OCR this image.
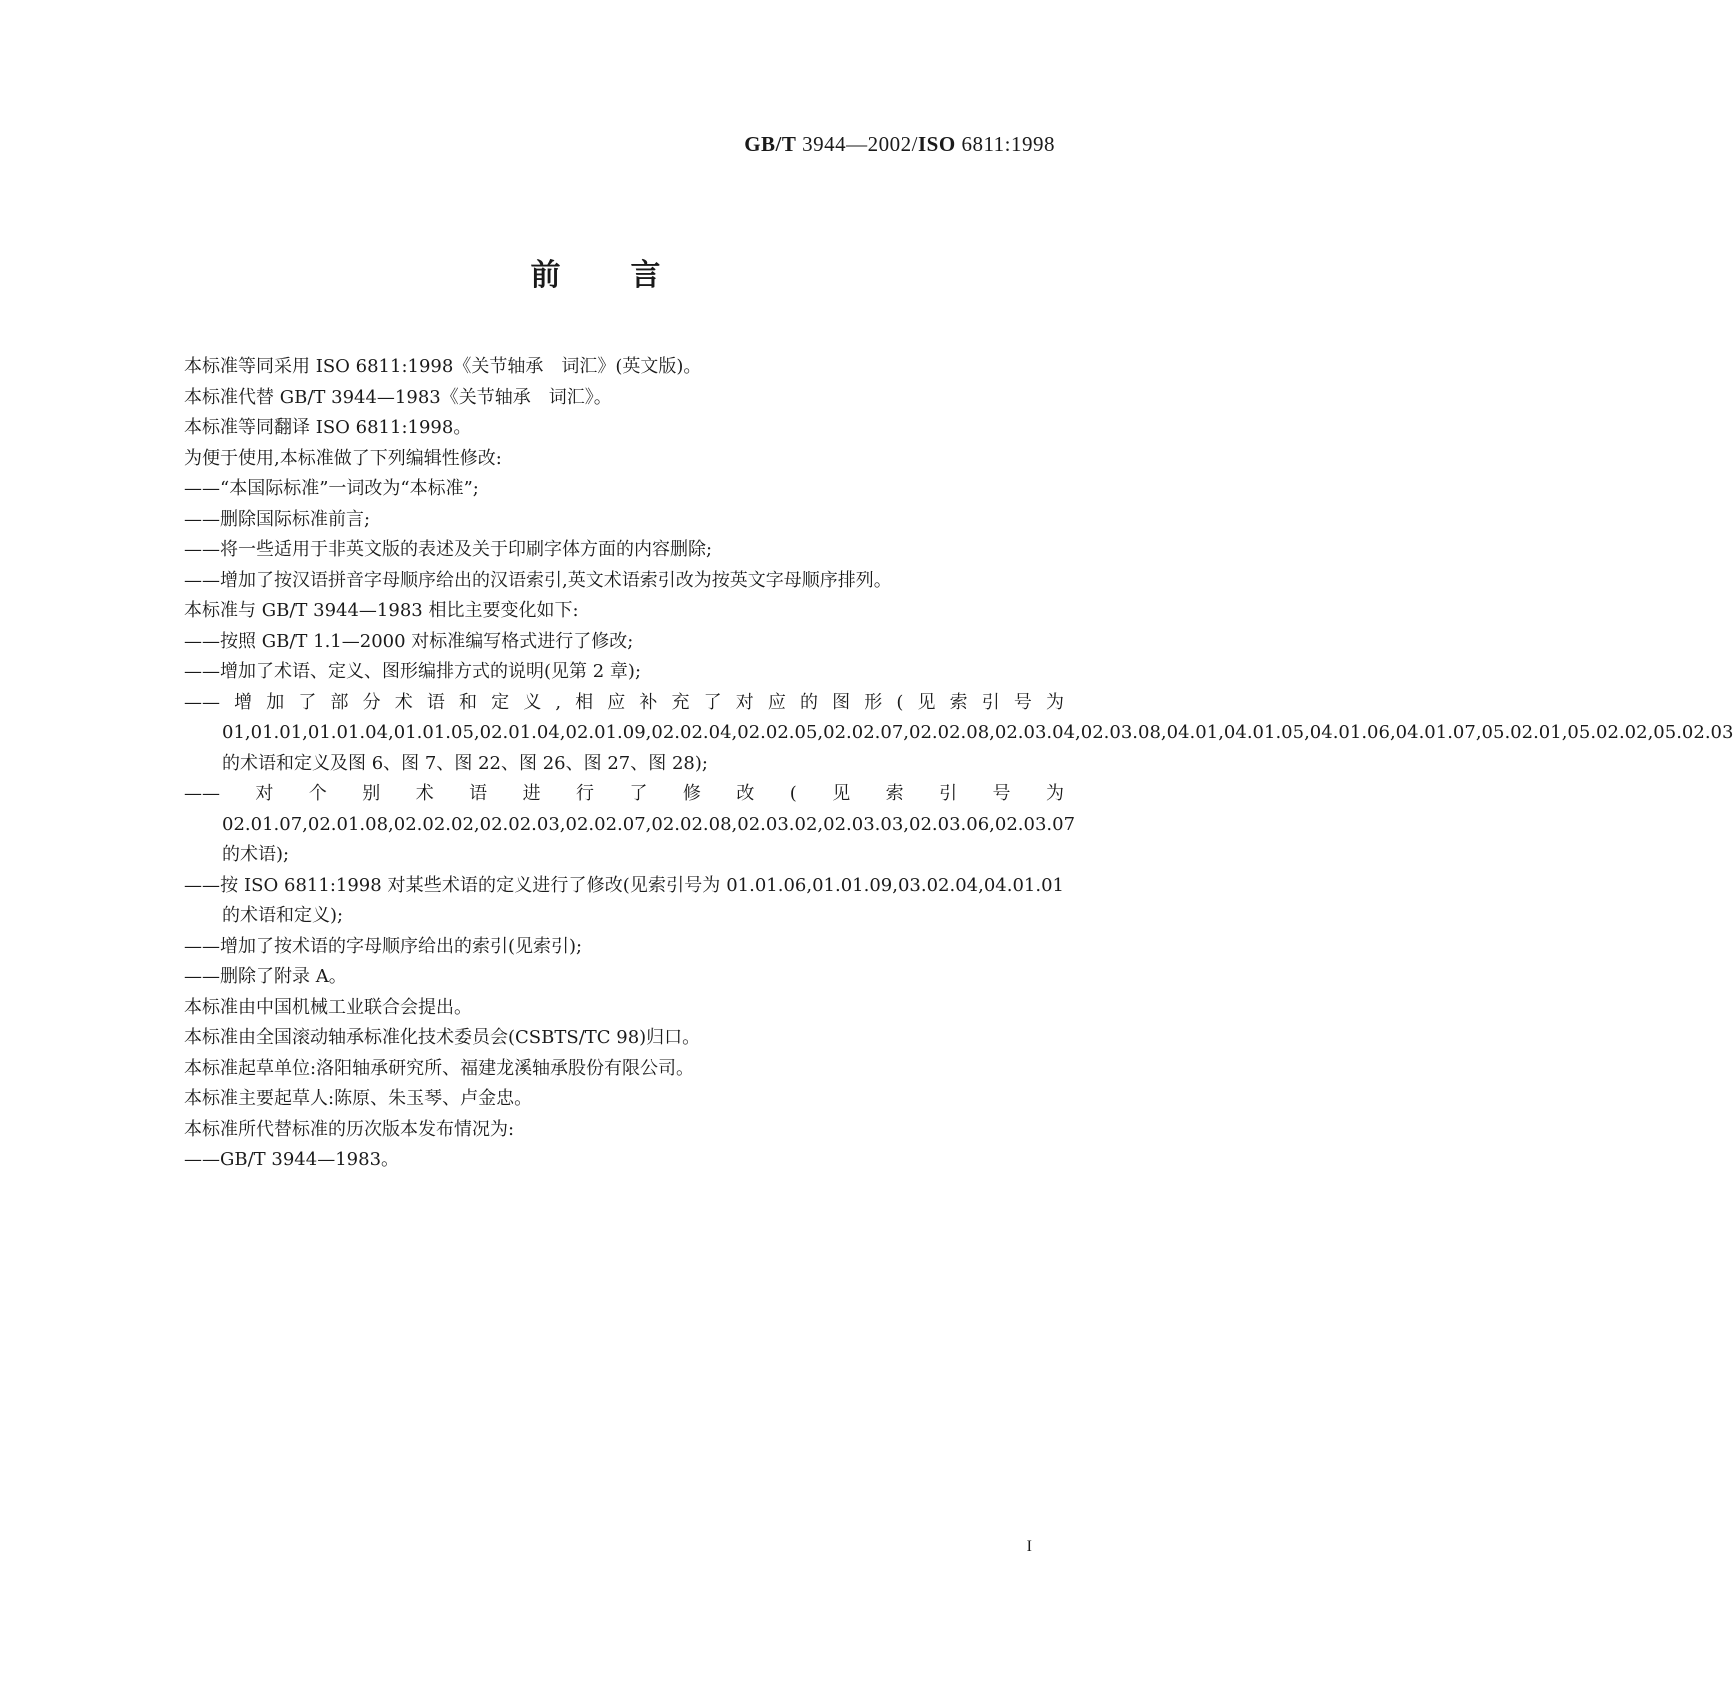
GB/T 3944—2002/ISO 6811:1998
前言

本标准等同采用 ISO 6811:1998《关节轴承　词汇》(英文版)。

本标准代替 GB/T 3944—1983《关节轴承　词汇》。

本标准等同翻译 ISO 6811:1998。

为便于使用,本标准做了下列编辑性修改:

——“本国际标准”一词改为“本标准”;

——删除国际标准前言;

——将一些适用于非英文版的表述及关于印刷字体方面的内容删除;

——增加了按汉语拼音字母顺序给出的汉语索引,英文术语索引改为按英文字母顺序排列。

本标准与 GB/T 3944—1983 相比主要变化如下:

——按照 GB/T 1.1—2000 对标准编写格式进行了修改;

——增加了术语、定义、图形编排方式的说明(见第 2 章);

——增加了部分术语和定义,相应补充了对应的图形(见索引号为 01,01.01,01.01.04,01.01.05,02.01.04,02.01.09,02.02.04,02.02.05,02.02.07,02.02.08,02.03.04,02.03.08,04.01,04.01.05,04.01.06,04.01.07,05.02.01,05.02.02,05.02.03 的术语和定义及图 6、图 7、图 22、图 26、图 27、图 28);

——对个别术语进行了修改(见索引号为 02.01.07,02.01.08,02.02.02,02.02.03,02.02.07,02.02.08,02.03.02,02.03.03,02.03.06,02.03.07 的术语);

——按 ISO 6811:1998 对某些术语的定义进行了修改(见索引号为 01.01.06,01.01.09,03.02.04,04.01.01 的术语和定义);

——增加了按术语的字母顺序给出的索引(见索引);

——删除了附录 A。

本标准由中国机械工业联合会提出。

本标准由全国滚动轴承标准化技术委员会(CSBTS/TC 98)归口。

本标准起草单位:洛阳轴承研究所、福建龙溪轴承股份有限公司。

本标准主要起草人:陈原、朱玉琴、卢金忠。

本标准所代替标准的历次版本发布情况为:

——GB/T 3944—1983。

I
